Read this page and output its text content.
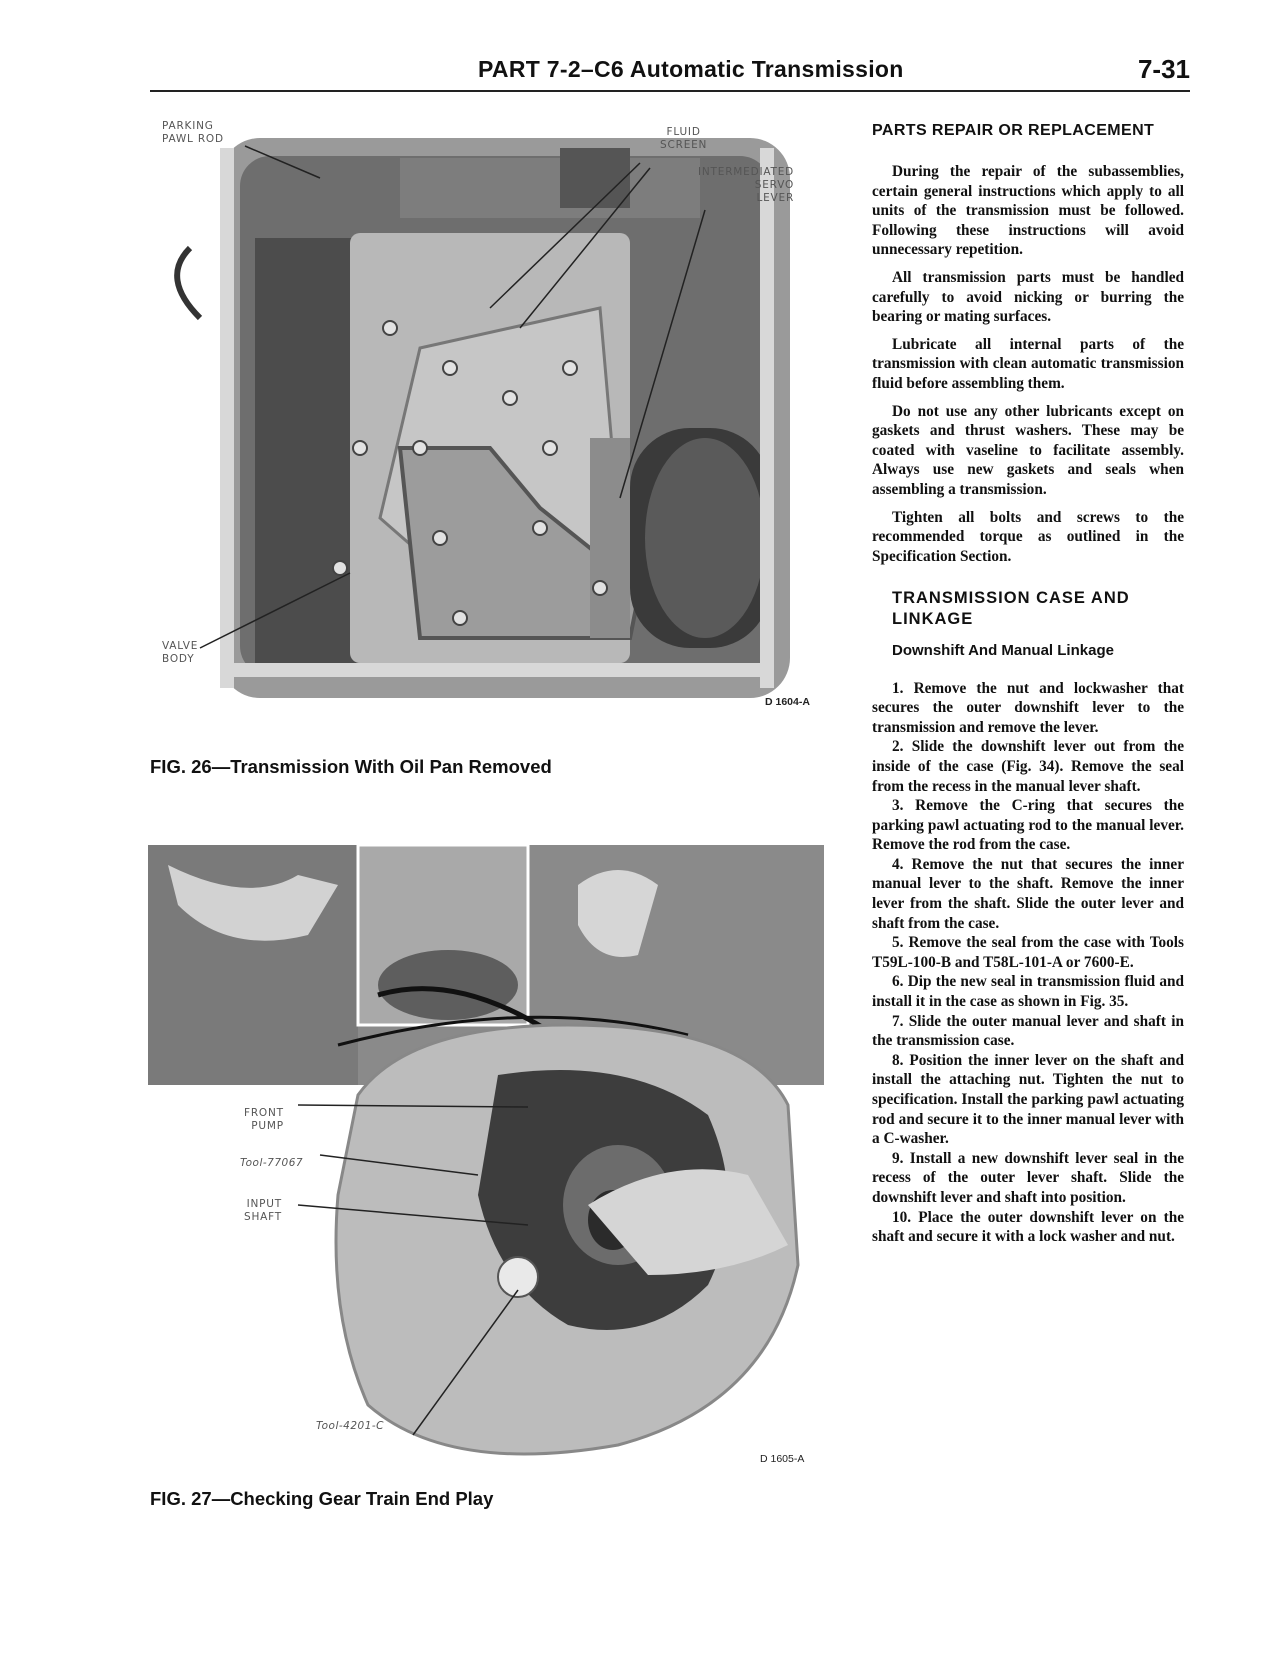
PART 7-2–C6 Automatic Transmission	7-31
PARKING
PAWL ROD
FLUID
SCREEN
INTERMEDIATED
SERVO
LEVER
VALVE
BODY
D 1604-A
FIG. 26—Transmission With Oil Pan Removed
FRONT
PUMP
Tool-77067
INPUT
SHAFT
Tool-4201-C
D 1605-A
FIG. 27—Checking Gear Train End Play
PARTS REPAIR OR REPLACEMENT

During the repair of the subassemblies, certain general instructions which apply to all units of the transmission must be followed. Following these instructions will avoid unnecessary repetition.

All transmission parts must be handled carefully to avoid nicking or burring the bearing or mating surfaces.

Lubricate all internal parts of the transmission with clean automatic transmission fluid before assembling them.

Do not use any other lubricants except on gaskets and thrust washers. These may be coated with vaseline to facilitate assembly. Always use new gaskets and seals when assembling a transmission.

Tighten all bolts and screws to the recommended torque as outlined in the Specification Section.

TRANSMISSION CASE AND LINKAGE
Downshift And Manual Linkage

1. Remove the nut and lockwasher that secures the outer downshift lever to the transmission and remove the lever.

2. Slide the downshift lever out from the inside of the case (Fig. 34). Remove the seal from the recess in the manual lever shaft.

3. Remove the C-ring that secures the parking pawl actuating rod to the manual lever. Remove the rod from the case.

4. Remove the nut that secures the inner manual lever to the shaft. Remove the inner lever from the shaft. Slide the outer lever and shaft from the case.

5. Remove the seal from the case with Tools T59L-100-B and T58L-101-A or 7600-E.

6. Dip the new seal in transmission fluid and install it in the case as shown in Fig. 35.

7. Slide the outer manual lever and shaft in the transmission case.

8. Position the inner lever on the shaft and install the attaching nut. Tighten the nut to specification. Install the parking pawl actuating rod and secure it to the inner manual lever with a C-washer.

9. Install a new downshift lever seal in the recess of the outer lever shaft. Slide the downshift lever and shaft into position.

10. Place the outer downshift lever on the shaft and secure it with a lock washer and nut.
